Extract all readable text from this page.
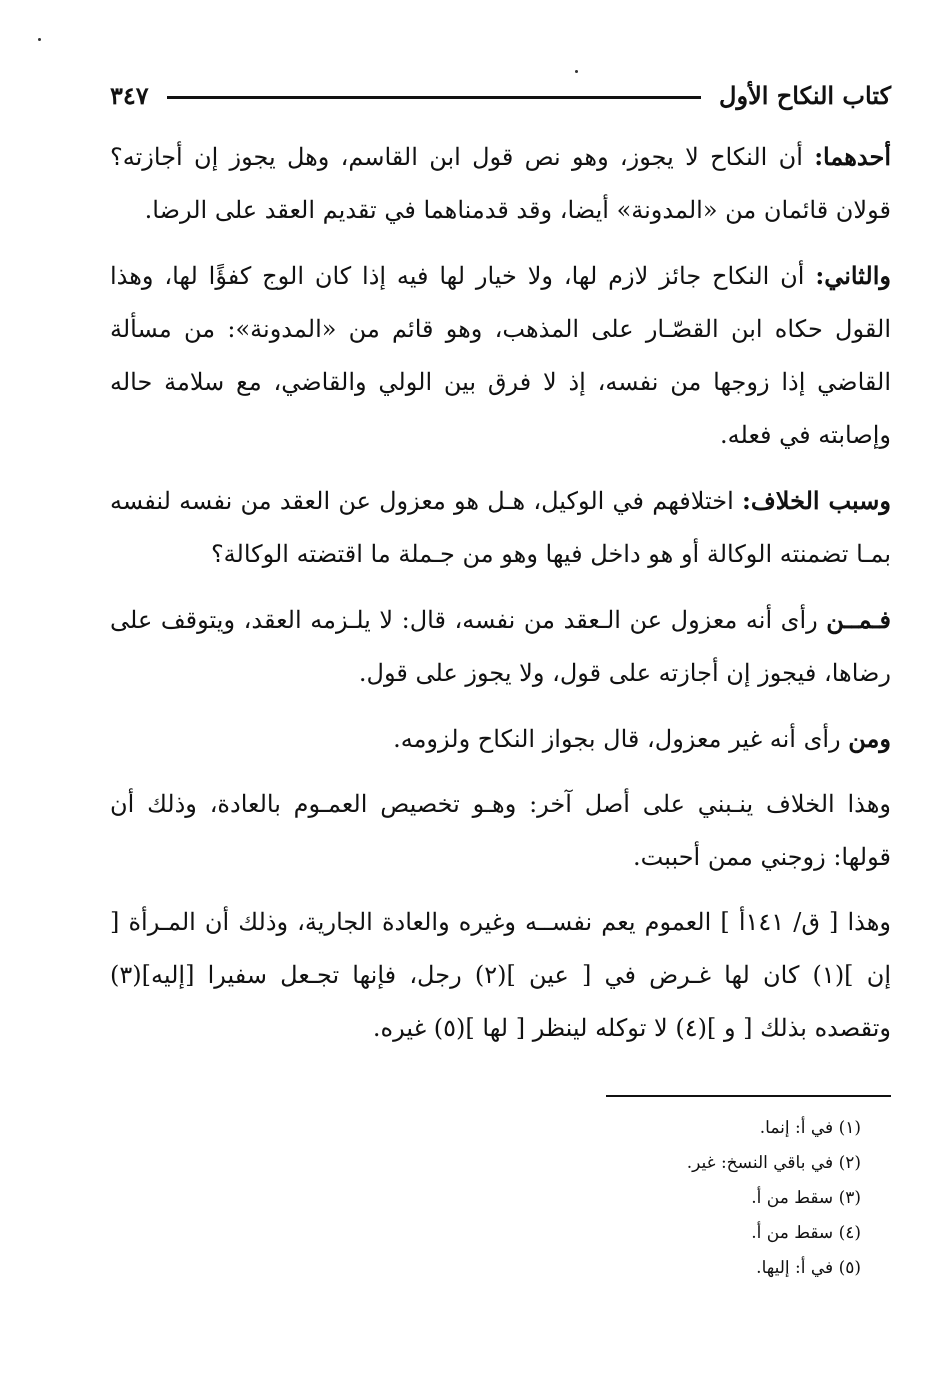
كتاب النكاح الأول
٣٤٧

أحدهما: أن النكاح لا يجوز، وهو نص قول ابن القاسم، وهل يجوز إن أجازته؟ قولان قائمان من «المدونة» أيضا، وقد قدمناهما في تقديم العقد على الرضا.

والثاني: أن النكاح جائز لازم لها، ولا خيار لها فيه إذا كان الوج كفؤًا لها، وهذا القول حكاه ابن القصّـار على المذهب، وهو قائم من «المدونة»: من مسألة القاضي إذا زوجها من نفسه، إذ لا فرق بين الولي والقاضي، مع سلامة حاله وإصابته في فعله.

وسبب الخلاف: اختلافهم في الوكيل، هـل هو معزول عن العقد من نفسه لنفسه بمـا تضمنته الوكالة أو هو داخل فيها وهو من جـملة ما اقتضته الوكالة؟

فـمــن رأى أنه معزول عن الـعقد من نفسه، قال: لا يلـزمه العقد، ويتوقف على رضاها، فيجوز إن أجازته على قول، ولا يجوز على قول.

ومن رأى أنه غير معزول، قال بجواز النكاح ولزومه.

وهذا الخلاف ينـبني على أصل آخر: وهـو تخصيص العمـوم بالعادة، وذلك أن قولها: زوجني ممن أحببت.

وهذا [ ق/ ١٤١أ ] العموم يعم نفســه وغيره والعادة الجارية، وذلك أن المـرأة [ إن ](١) كان لها غـرض في [ عين ](٢) رجل، فإنها تجـعل سفيرا [إليه](٣) وتقصده بذلك [ و ](٤) لا توكله لينظر [ لها ](٥) غيره.

(١) في أ: إنما.
(٢) في باقي النسخ: غير.
(٣) سقط من أ.
(٤) سقط من أ.
(٥) في أ: إليها.
